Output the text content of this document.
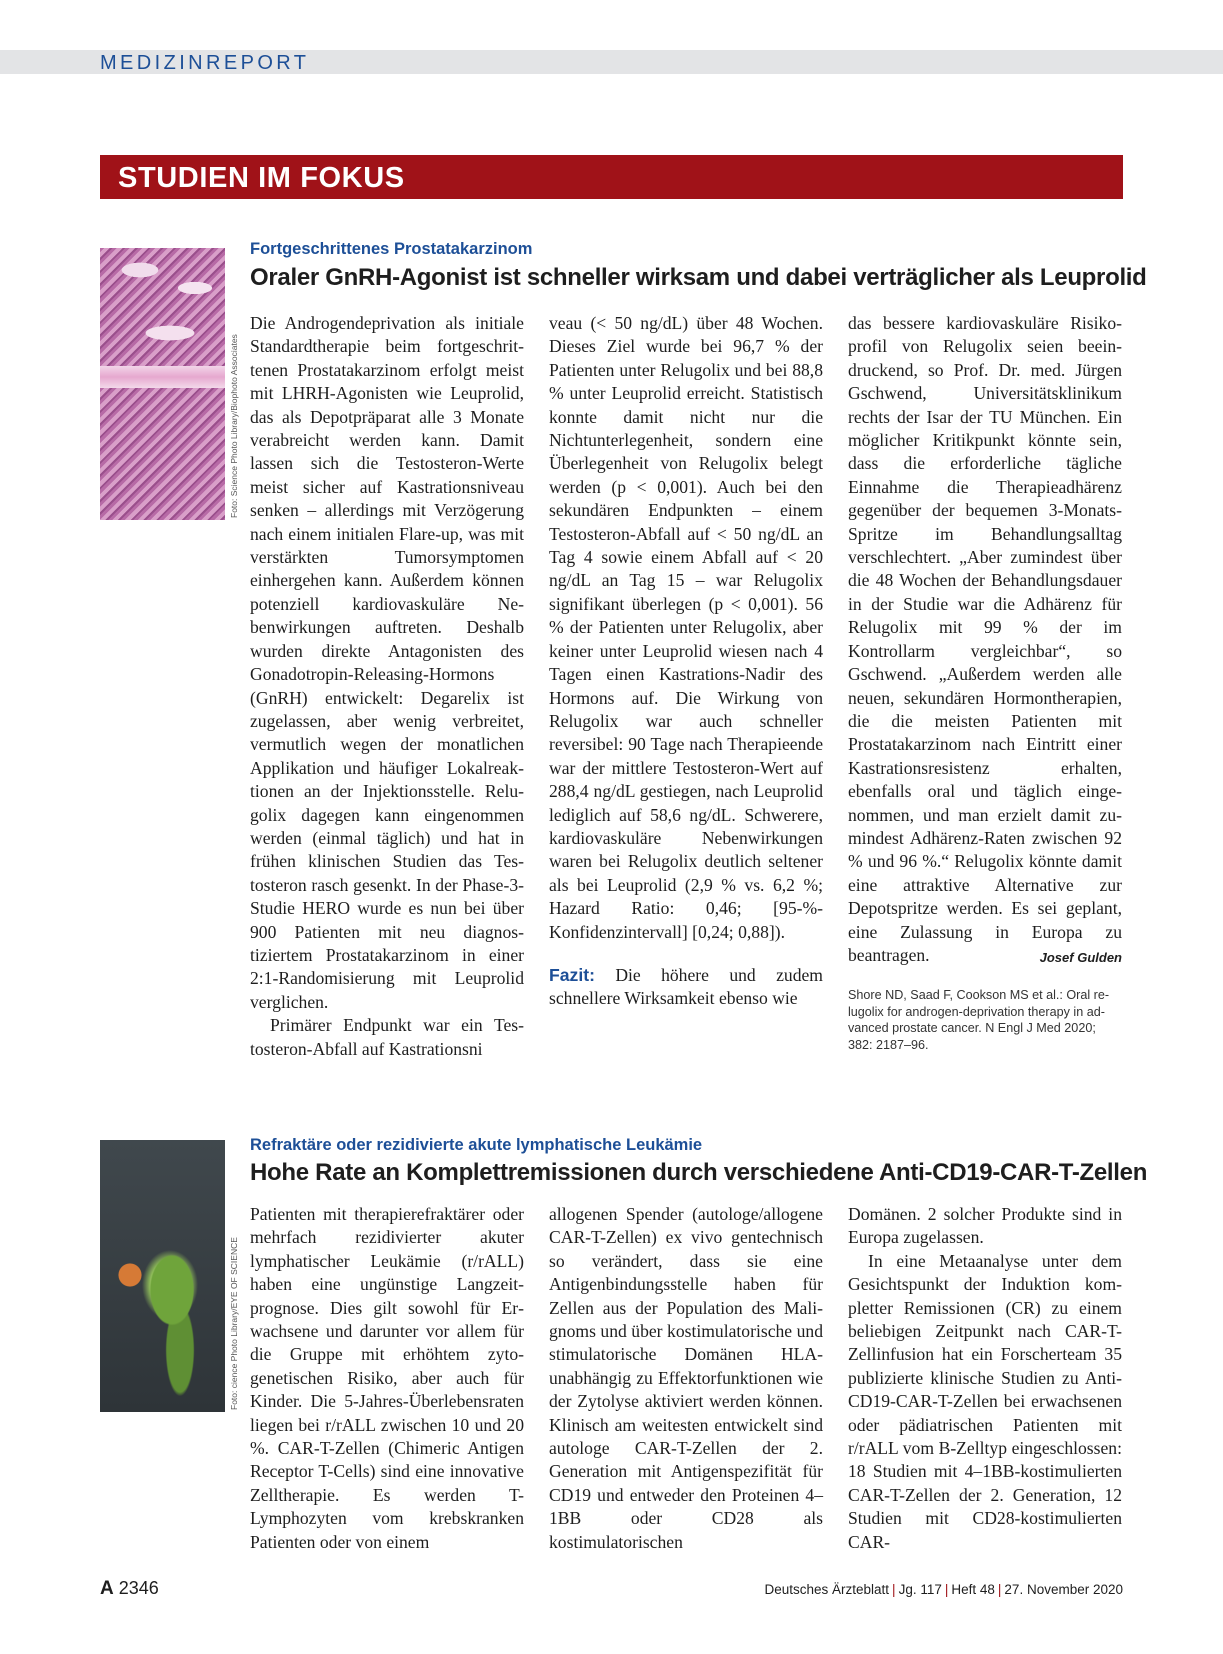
MEDIZINREPORT
STUDIEN IM FOKUS
Foto: Science Photo Library/Biophoto Associates
Fortgeschrittenes Prostatakarzinom
Oraler GnRH-Agonist ist schneller wirksam und dabei verträglicher als Leuprolid

Die Androgendeprivation als initiale Standardtherapie beim fortgeschrittenen Prostatakarzinom erfolgt meist mit LHRH-Agonisten wie Leuprolid, das als Depotpräparat alle 3 Monate verabreicht werden kann. Damit lassen sich die Testosteron-Werte meist sicher auf Kastrationsniveau senken – allerdings mit Verzögerung nach einem initialen Flare-up, was mit verstärkten Tumorsymptomen einhergehen kann. Außerdem können potenziell kardiovaskuläre Nebenwirkungen auftreten. Deshalb wurden direkte Antagonisten des Gonadotropin-Releasing-Hormons (GnRH) entwickelt: Degarelix ist zugelassen, aber wenig verbreitet, vermutlich wegen der monatlichen Applikation und häufiger Lokalreaktionen an der Injektionsstelle. Relugolix dagegen kann eingenommen werden (einmal täglich) und hat in frühen klinischen Studien das Testosteron rasch gesenkt. In der Phase-3-Studie HERO wurde es nun bei über 900 Patienten mit neu diagnostiziertem Prostatakarzinom in einer 2:1-Randomisierung mit Leuprolid verglichen.

Primärer Endpunkt war ein Testosteron-Abfall auf Kastrationsni

veau (< 50 ng/dL) über 48 Wochen. Dieses Ziel wurde bei 96,7 % der Patienten unter Relugolix und bei 88,8 % unter Leuprolid erreicht. Statistisch konnte damit nicht nur die Nichtunterlegenheit, sondern eine Überlegenheit von Relugolix belegt werden (p < 0,001). Auch bei den sekundären Endpunkten – einem Testosteron-Abfall auf < 50 ng/dL an Tag 4 sowie einem Abfall auf < 20 ng/dL an Tag 15 – war Relugolix signifikant überlegen (p < 0,001). 56 % der Patienten unter Relugolix, aber keiner unter Leuprolid wiesen nach 4 Tagen einen Kastrations-Nadir des Hormons auf. Die Wirkung von Relugolix war auch schneller reversibel: 90 Tage nach Therapieende war der mittlere Testosteron-Wert auf 288,4 ng/dL gestiegen, nach Leuprolid lediglich auf 58,6 ng/dL. Schwerere, kardiovaskuläre Nebenwirkungen waren bei Relugolix deutlich seltener als bei Leuprolid (2,9 % vs. 6,2 %; Hazard Ratio: 0,46; [95-%-Konfidenzintervall] [0,24; 0,88]).

Fazit: Die höhere und zudem schnellere Wirksamkeit ebenso wie

das bessere kardiovaskuläre Risikoprofil von Relugolix seien beeindruckend, so Prof. Dr. med. Jürgen Gschwend, Universitätsklinikum rechts der Isar der TU München. Ein möglicher Kritikpunkt könnte sein, dass die erforderliche tägliche Einnahme die Therapieadhärenz gegenüber der bequemen 3-Monats-Spritze im Behandlungsalltag verschlechtert. „Aber zumindest über die 48 Wochen der Behandlungsdauer in der Studie war die Adhärenz für Relugolix mit 99 % der im Kontrollarm vergleichbar“, so Gschwend. „Außerdem werden alle neuen, sekundären Hormontherapien, die die meisten Patienten mit Prostatakarzinom nach Eintritt einer Kastrationsresistenz erhalten, ebenfalls oral und täglich eingenommen, und man erzielt damit zumindest Adhärenz-Raten zwischen 92 % und 96 %.“ Relugolix könnte damit eine attraktive Alternative zur Depotspritze werden. Es sei geplant, eine Zulassung in Europa zu beantragen.	Josef Gulden

Shore ND, Saad F, Cookson MS et al.: Oral relugolix for androgen-deprivation therapy in advanced prostate cancer. N Engl J Med 2020; 382: 2187–96.
Foto: cience Photo Library/EYE OF SCIENCE
Refraktäre oder rezidivierte akute lymphatische Leukämie
Hohe Rate an Komplettremissionen durch verschiedene Anti-CD19-CAR-T-Zellen

Patienten mit therapierefraktärer oder mehrfach rezidivierter akuter lymphatischer Leukämie (r/rALL) haben eine ungünstige Langzeitprognose. Dies gilt sowohl für Erwachsene und darunter vor allem für die Gruppe mit erhöhtem zytogenetischen Risiko, aber auch für Kinder. Die 5-Jahres-Überlebensraten liegen bei r/rALL zwischen 10 und 20 %. CAR-T-Zellen (Chimeric Antigen Receptor T-Cells) sind eine innovative Zelltherapie. Es werden T-Lymphozyten vom krebskranken Patienten oder von einem

allogenen Spender (autologe/allogene CAR-T-Zellen) ex vivo gentechnisch so verändert, dass sie eine Antigenbindungsstelle haben für Zellen aus der Population des Malignoms und über kostimulatorische und stimulatorische Domänen HLA-unabhängig zu Effektorfunktionen wie der Zytolyse aktiviert werden können. Klinisch am weitesten entwickelt sind autologe CAR-T-Zellen der 2. Generation mit Antigenspezifität für CD19 und entweder den Proteinen 4–1BB oder CD28 als kostimulatorischen

Domänen. 2 solcher Produkte sind in Europa zugelassen.

In eine Metaanalyse unter dem Gesichtspunkt der Induktion kompletter Remissionen (CR) zu einem beliebigen Zeitpunkt nach CAR-T-Zellinfusion hat ein Forscherteam 35 publizierte klinische Studien zu Anti-CD19-CAR-T-Zellen bei erwachsenen oder pädiatrischen Patienten mit r/rALL vom B-Zelltyp eingeschlossen: 18 Studien mit 4–1BB-kostimulierten CAR-T-Zellen der 2. Generation, 12 Studien mit CD28-kostimulierten CAR-

A 2346	Deutsches Ärzteblatt | Jg. 117 | Heft 48 | 27. November 2020
